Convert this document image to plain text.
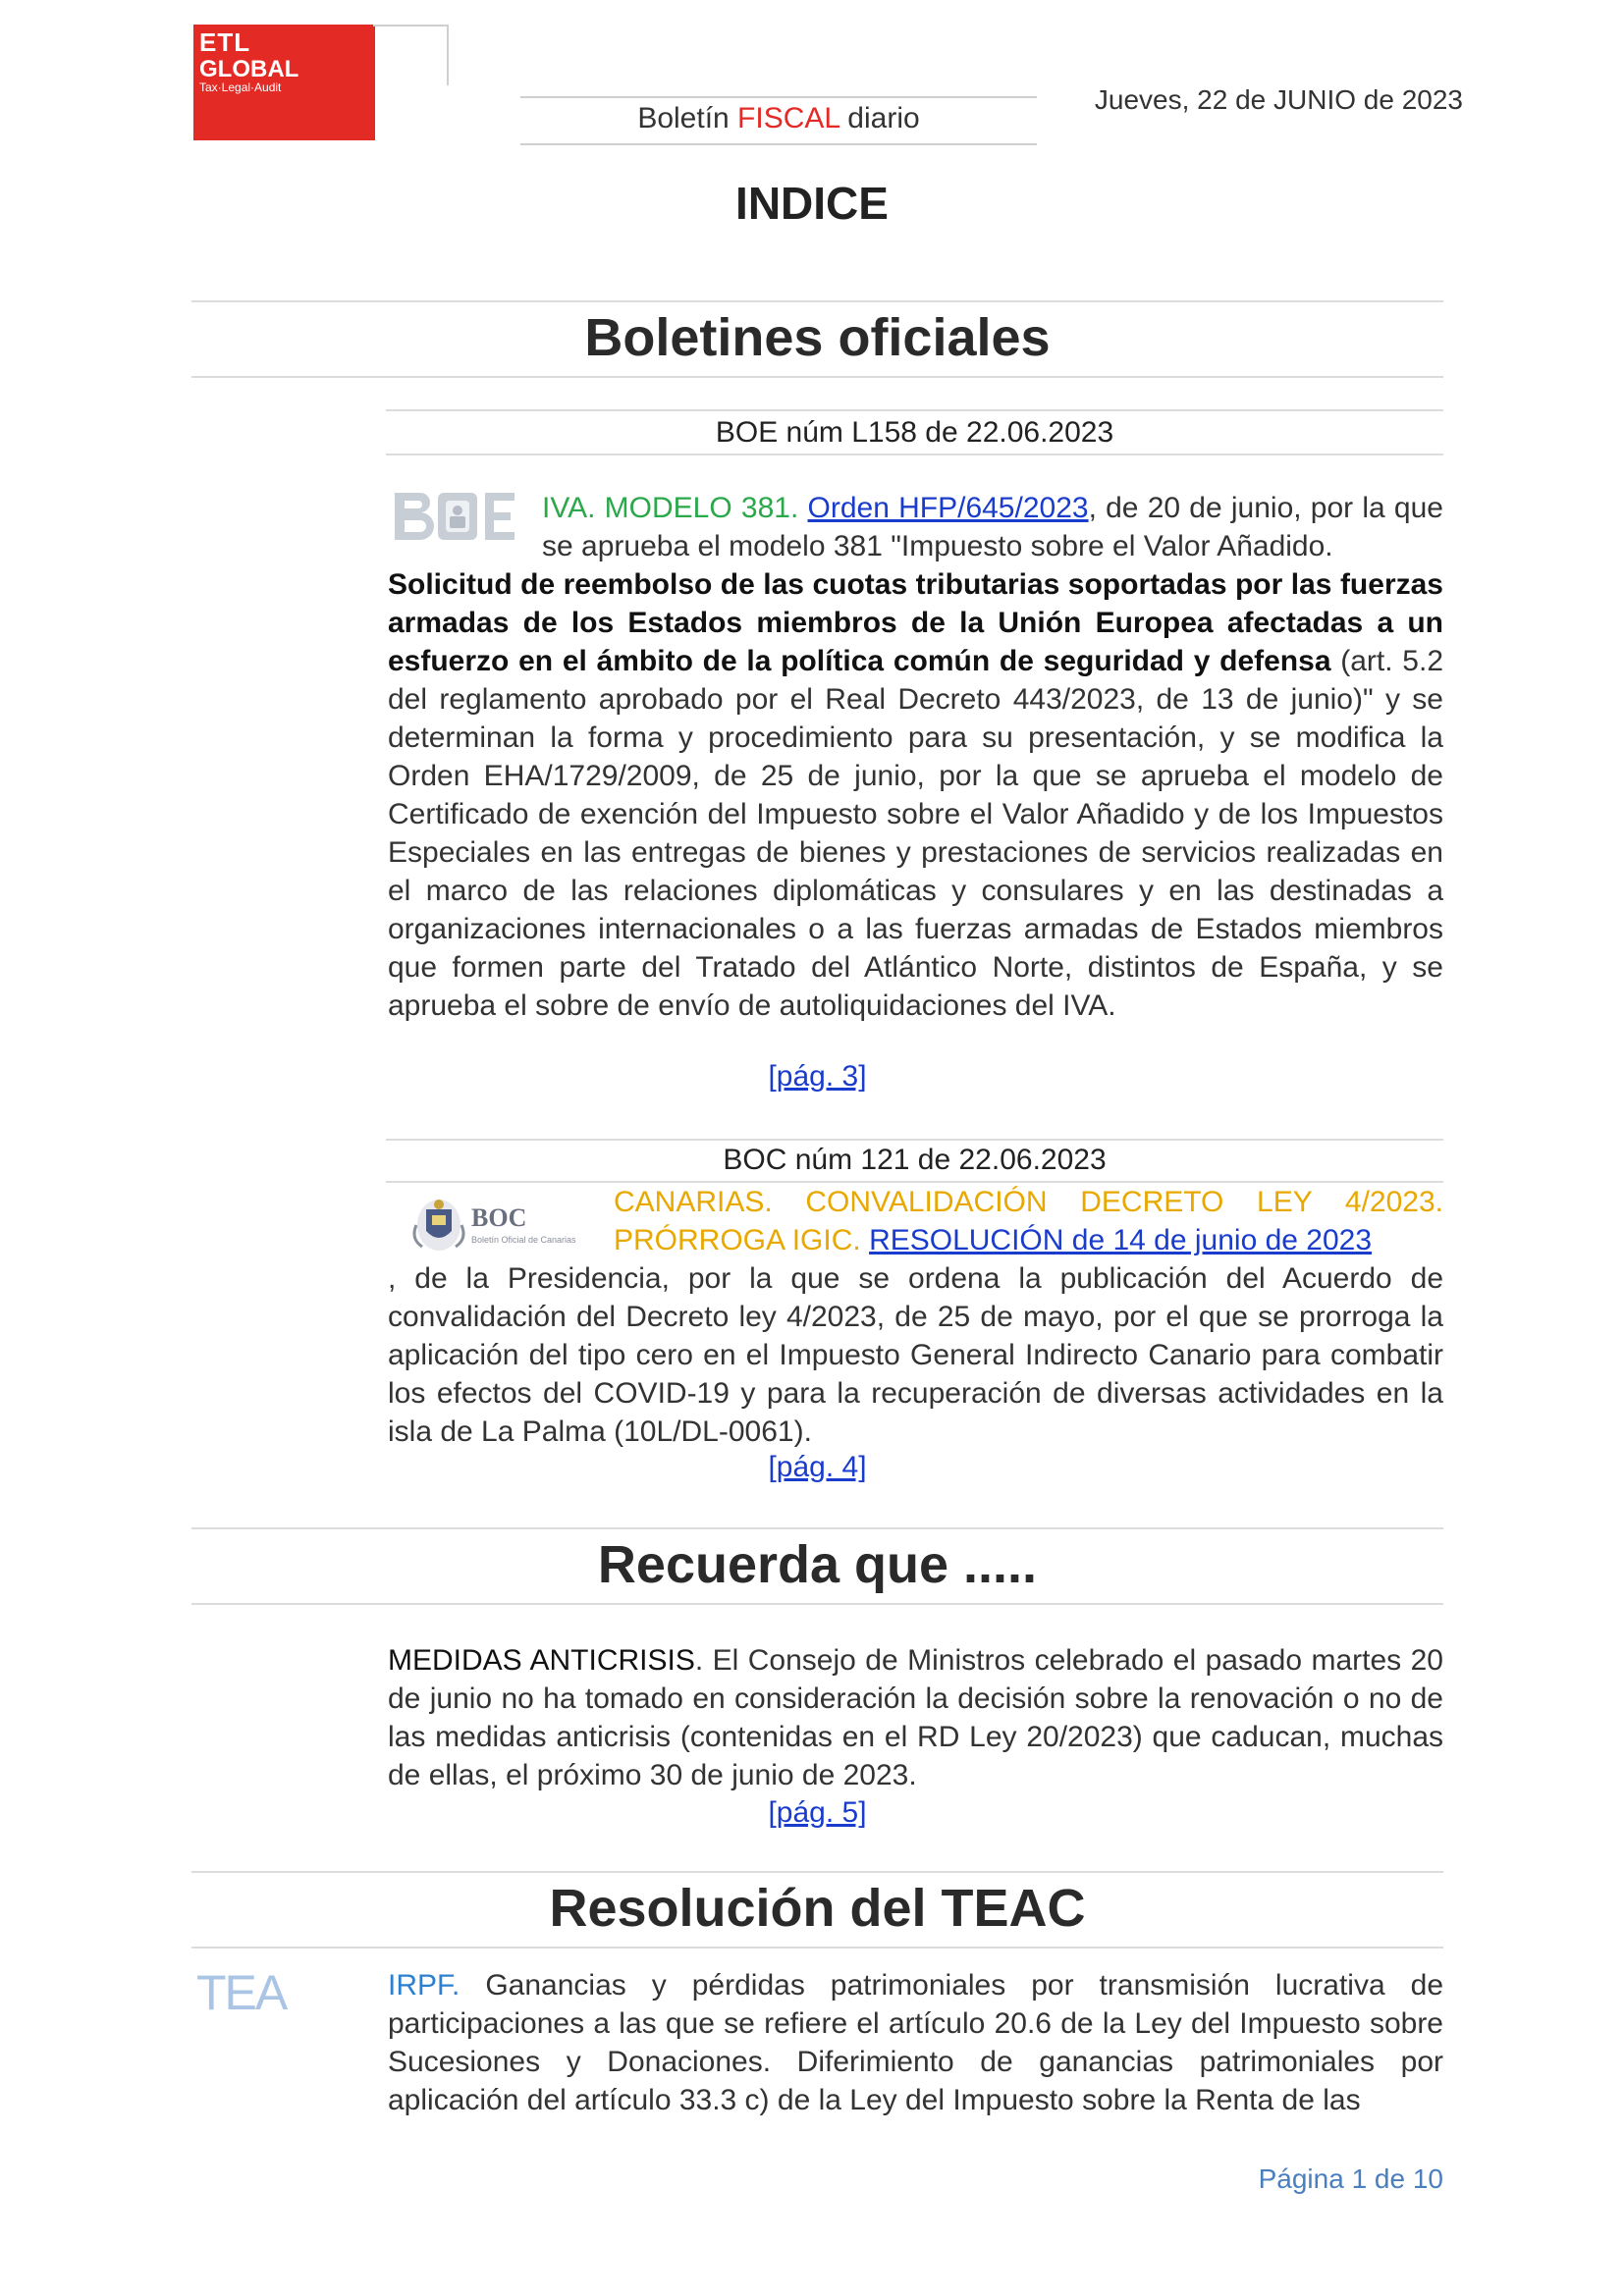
ETL
GLOBAL
Tax·Legal·Audit
Boletín FISCAL diario
Jueves, 22 de JUNIO de 2023
INDICE
Boletines oficiales
BOE núm L158 de 22.06.2023
IVA. MODELO 381. Orden HFP/645/2023, de 20 de junio, por la que se aprueba el modelo 381 "Impuesto sobre el Valor Añadido.
Solicitud de reembolso de las cuotas tributarias soportadas por las fuerzas armadas de los Estados miembros de la Unión Europea afectadas a un esfuerzo en el ámbito de la política común de seguridad y defensa (art. 5.2 del reglamento aprobado por el Real Decreto 443/2023, de 13 de junio)" y se determinan la forma y procedimiento para su presentación, y se modifica la Orden EHA/1729/2009, de 25 de junio, por la que se aprueba el modelo de Certificado de exención del Impuesto sobre el Valor Añadido y de los Impuestos Especiales en las entregas de bienes y prestaciones de servicios realizadas en el marco de las relaciones diplomáticas y consulares y en las destinadas a organizaciones internacionales o a las fuerzas armadas de Estados miembros que formen parte del Tratado del Atlántico Norte, distintos de España, y se aprueba el sobre de envío de autoliquidaciones del IVA.
[pág. 3]
BOC núm 121 de 22.06.2023
BOC
Boletín Oficial de Canarias
CANARIAS. CONVALIDACIÓN DECRETO LEY 4/2023. PRÓRROGA IGIC. RESOLUCIÓN de 14 de junio de 2023
, de la Presidencia, por la que se ordena la publicación del Acuerdo de convalidación del Decreto ley 4/2023, de 25 de mayo, por el que se prorroga la aplicación del tipo cero en el Impuesto General Indirecto Canario para combatir los efectos del COVID-19 y para la recuperación de diversas actividades en la isla de La Palma (10L/DL-0061).
[pág. 4]
Recuerda que .....
MEDIDAS ANTICRISIS. El Consejo de Ministros celebrado el pasado martes 20 de junio no ha tomado en consideración la decisión sobre la renovación o no de las medidas anticrisis (contenidas en el RD Ley 20/2023) que caducan, muchas de ellas, el próximo 30 de junio de 2023.
[pág. 5]
Resolución del TEAC
TEA	IRPF. Ganancias y pérdidas patrimoniales por transmisión lucrativa de participaciones a las que se refiere el artículo 20.6 de la Ley del Impuesto sobre Sucesiones y Donaciones. Diferimiento de ganancias patrimoniales por aplicación del artículo 33.3 c) de la Ley del Impuesto sobre la Renta de las
Página 1 de 10
